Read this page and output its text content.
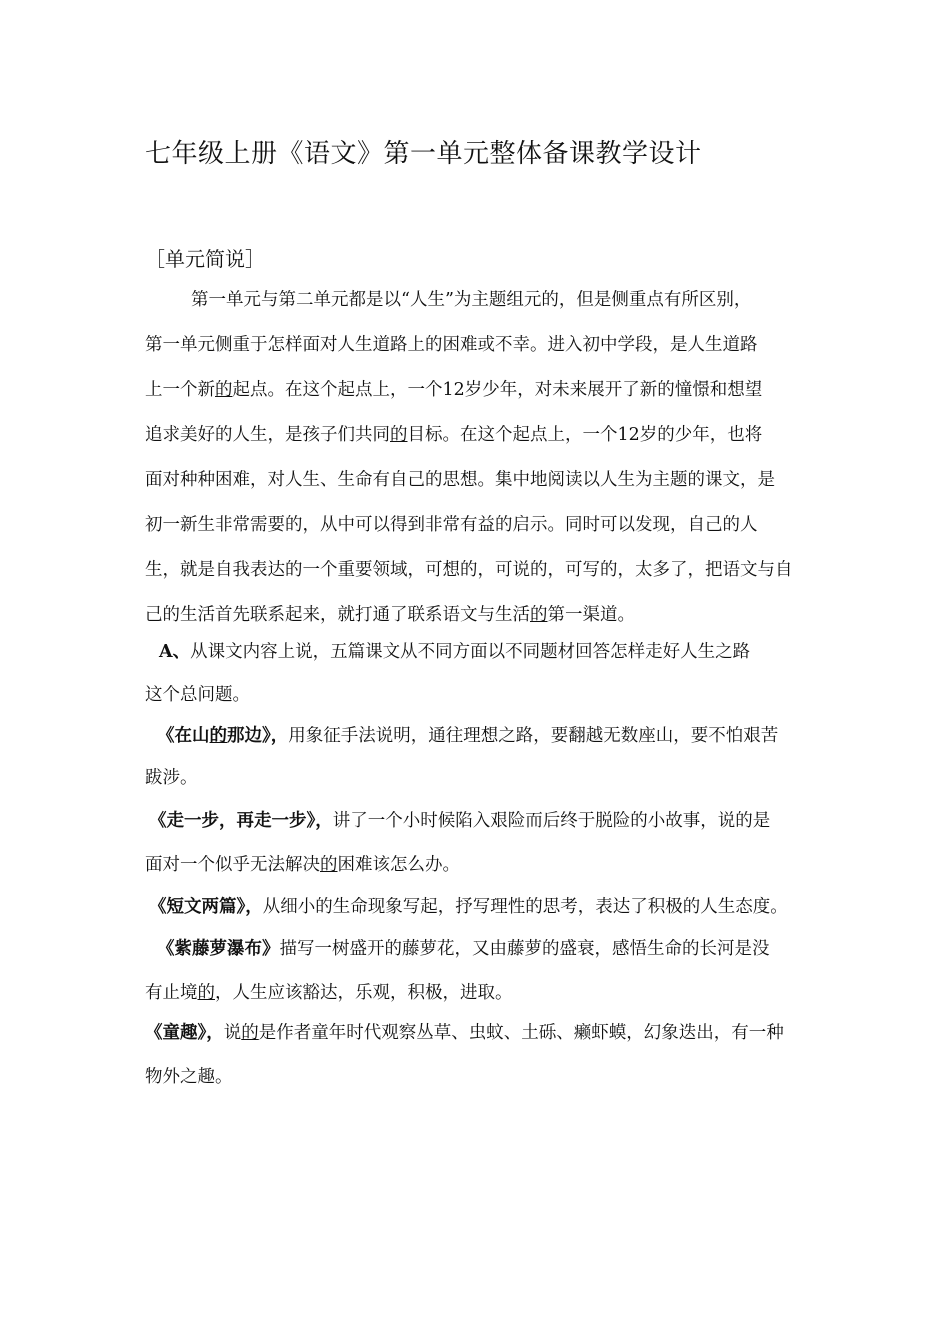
七年级上册《语文》第一单元整体备课教学设计
［单元简说］
第一单元与第二单元都是以“人生”为主题组元的，但是侧重点有所区别，
第一单元侧重于怎样面对人生道路上的困难或不幸。进入初中学段，是人生道路
上一个新的起点。在这个起点上，一个12岁少年，对未来展开了新的憧憬和想望
追求美好的人生，是孩子们共同的目标。在这个起点上，一个12岁的少年，也将
面对种种困难，对人生、生命有自己的思想。集中地阅读以人生为主题的课文，是
初一新生非常需要的，从中可以得到非常有益的启示。同时可以发现，自己的人
生，就是自我表达的一个重要领域，可想的，可说的，可写的，太多了，把语文与自
己的生活首先联系起来，就打通了联系语文与生活的第一渠道。
A、从课文内容上说，五篇课文从不同方面以不同题材回答怎样走好人生之路
这个总问题。
《在山的那边》，用象征手法说明，通往理想之路，要翻越无数座山，要不怕艰苦
跋涉。
《走一步，再走一步》，讲了一个小时候陷入艰险而后终于脱险的小故事，说的是
面对一个似乎无法解决的困难该怎么办。
《短文两篇》，从细小的生命现象写起，抒写理性的思考，表达了积极的人生态度。
《紫藤萝瀑布》描写一树盛开的藤萝花，又由藤萝的盛衰，感悟生命的长河是没
有止境的，人生应该豁达，乐观，积极，进取。
《童趣》，说的是作者童年时代观察丛草、虫蚊、土砾、癞虾蟆，幻象迭出，有一种
物外之趣。
